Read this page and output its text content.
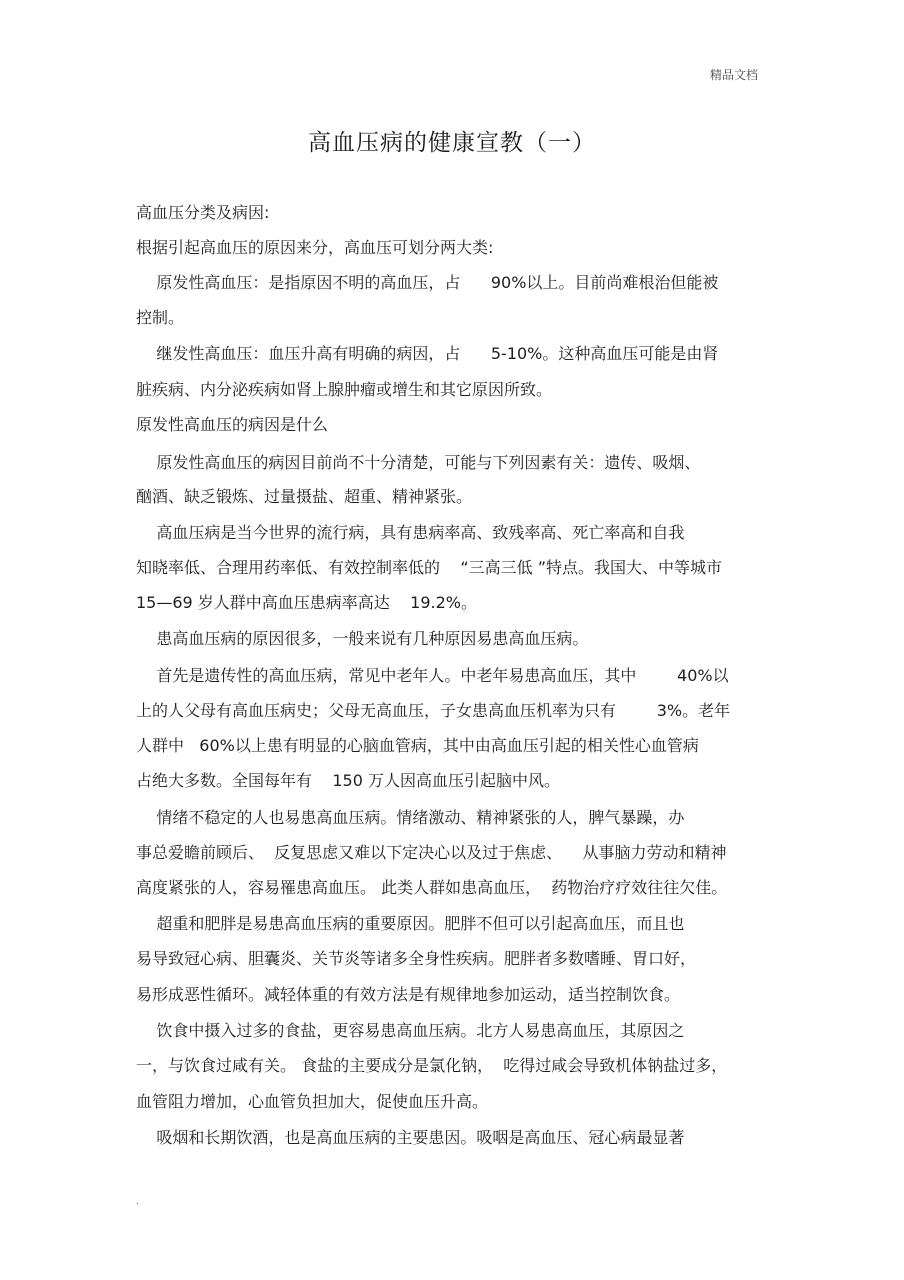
精品文档
高血压病的健康宣教（一）
高血压分类及病因:
根据引起高血压的原因来分，高血压可划分两大类:
原发性高血压：是指原因不明的高血压，占      90%以上。目前尚难根治但能被
控制。
继发性高血压：血压升高有明确的病因，占      5-10%。这种高血压可能是由肾
脏疾病、内分泌疾病如肾上腺肿瘤或增生和其它原因所致。
原发性高血压的病因是什么
原发性高血压的病因目前尚不十分清楚，可能与下列因素有关：遗传、吸烟、
酗酒、缺乏锻炼、过量摄盐、超重、精神紧张。
高血压病是当今世界的流行病，具有患病率高、致残率高、死亡率高和自我
知晓率低、合理用药率低、有效控制率低的    “三高三低 ”特点。我国大、中等城市
15—69 岁人群中高血压患病率高达    19.2%。
患高血压病的原因很多，一般来说有几种原因易患高血压病。
首先是遗传性的高血压病，常见中老年人。中老年易患高血压，其中        40%以
上的人父母有高血压病史；父母无高血压，子女患高血压机率为只有        3%。老年
人群中   60%以上患有明显的心脑血管病，其中由高血压引起的相关性心血管病
占绝大多数。全国每年有    150 万人因高血压引起脑中风。
情绪不稳定的人也易患高血压病。情绪激动、精神紧张的人，脾气暴躁，办
事总爱瞻前顾后、  反复思虑又难以下定决心以及过于焦虑、    从事脑力劳动和精神
高度紧张的人，容易罹患高血压。 此类人群如患高血压，  药物治疗疗效往往欠佳。
超重和肥胖是易患高血压病的重要原因。肥胖不但可以引起高血压，而且也
易导致冠心病、胆囊炎、关节炎等诸多全身性疾病。肥胖者多数嗜睡、胃口好，
易形成恶性循环。减轻体重的有效方法是有规律地参加运动，适当控制饮食。
饮食中摄入过多的食盐，更容易患高血压病。北方人易患高血压，其原因之
一，与饮食过咸有关。 食盐的主要成分是氯化钠，  吃得过咸会导致机体钠盐过多，
血管阻力增加，心血管负担加大，促使血压升高。
吸烟和长期饮酒，也是高血压病的主要患因。吸咽是高血压、冠心病最显著
.
